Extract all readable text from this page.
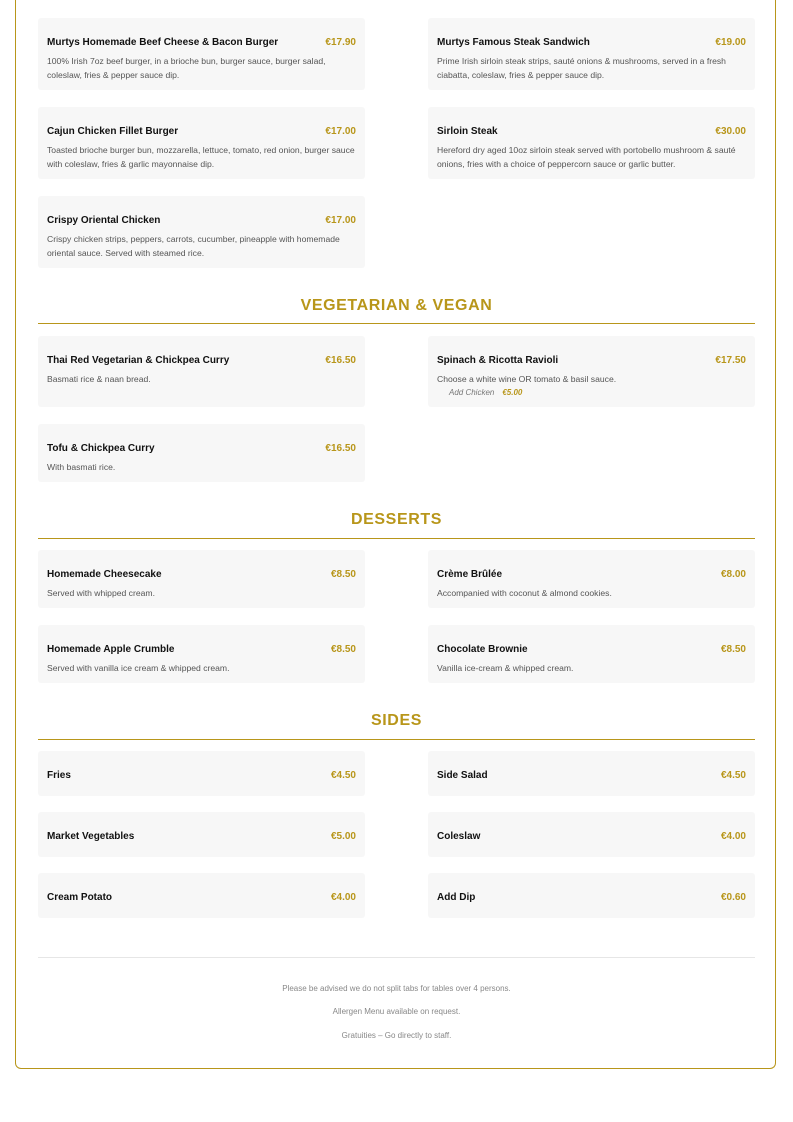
Murtys Homemade Beef Cheese & Bacon Burger	€17.90
100% Irish 7oz beef burger, in a brioche bun, burger sauce, burger salad, coleslaw, fries & pepper sauce dip.
Murtys Famous Steak Sandwich	€19.00
Prime Irish sirloin steak strips, sauté onions & mushrooms, served in a fresh ciabatta, coleslaw, fries & pepper sauce dip.
Cajun Chicken Fillet Burger	€17.00
Toasted brioche burger bun, mozzarella, lettuce, tomato, red onion, burger sauce with coleslaw, fries & garlic mayonnaise dip.
Sirloin Steak	€30.00
Hereford dry aged 10oz sirloin steak served with portobello mushroom & sauté onions, fries with a choice of peppercorn sauce or garlic butter.
Crispy Oriental Chicken	€17.00
Crispy chicken strips, peppers, carrots, cucumber, pineapple with homemade oriental sauce. Served with steamed rice.
VEGETARIAN & VEGAN
Thai Red Vegetarian & Chickpea Curry	€16.50
Basmati rice & naan bread.
Spinach & Ricotta Ravioli	€17.50
Choose a white wine OR tomato & basil sauce.
Add Chicken €5.00
Tofu & Chickpea Curry	€16.50
With basmati rice.
DESSERTS
Homemade Cheesecake	€8.50
Served with whipped cream.
Crème Brûlée	€8.00
Accompanied with coconut & almond cookies.
Homemade Apple Crumble	€8.50
Served with vanilla ice cream & whipped cream.
Chocolate Brownie	€8.50
Vanilla ice-cream & whipped cream.
SIDES
Fries	€4.50	Side Salad	€4.50
Market Vegetables	€5.00	Coleslaw	€4.00
Cream Potato	€4.00	Add Dip	€0.60
Please be advised we do not split tabs for tables over 4 persons.
Allergen Menu available on request.
Gratuities – Go directly to staff.
